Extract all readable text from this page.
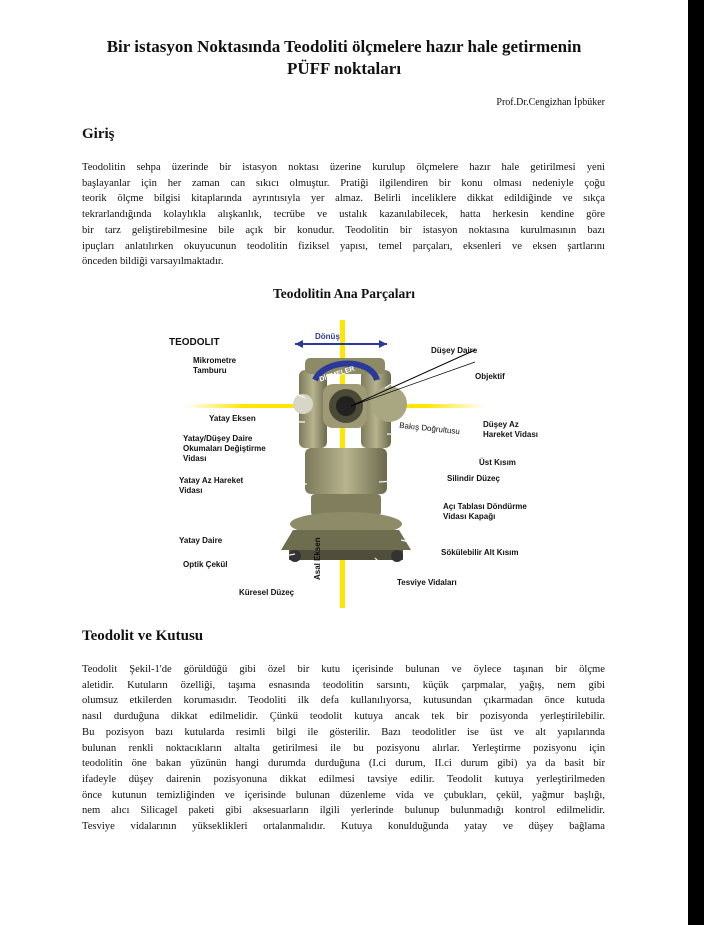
Bir istasyon Noktasında Teodoliti ölçmelere hazır hale getirmenin
PÜFF noktaları
Prof.Dr.Cengizhan İpbüker
Giriş
Teodolitin sehpa üzerinde bir istasyon noktası üzerine kurulup ölçmelere hazır hale getirilmesi yeni
başlayanlar için her zaman can sıkıcı olmuştur. Pratiği ilgilendiren bir konu olması nedeniyle çoğu
teorik ölçme bilgisi kitaplarında ayrıntısıyla yer almaz. Belirli inceliklere dikkat edildiğinde ve sıkça
tekrarlandığında kolaylıkla alışkanlık, tecrübe ve ustalık kazanılabilecek, hatta herkesin kendine göre
bir tarz geliştirebilmesine bile açık bir konudur. Teodolitin bir istasyon noktasına kurulmasının bazı
ipuçları anlatılırken okuyucunun teodolitin fiziksel yapısı, temel parçaları, eksenleri ve eksen şartlarını
önceden bildiği varsayılmaktadır.
Teodolitin Ana Parçaları
TEODOLIT
Dönüş
DİKMELER
Mikrometre
Tamburu
Düşey Daire
Objektif
Yatay Eksen
Bakış Doğrultusu	Düşey Az
Hareket Vidası
Yatay/Düşey Daire
Okumaları Değiştirme
Vidası	Üst Kısım
Silindir Düzeç
Yatay Az Hareket
Vidası
Açı Tablası Döndürme
Vidası Kapağı
Yatay Daire
Sökülebilir Alt Kısım
Optik Çekül
Tesviye Vidaları
Küresel Düzeç
Asal Eksen
Teodolit ve Kutusu
Teodolit Şekil-1'de görüldüğü gibi özel bir kutu içerisinde bulunan ve öylece taşınan bir ölçme
aletidir. Kutuların özelliği, taşıma esnasında teodolitin sarsıntı, küçük çarpmalar, yağış, nem gibi
olumsuz etkilerden korumasıdır. Teodoliti ilk defa kullanılıyorsa, kutusundan çıkarmadan önce kutuda
nasıl durduğuna dikkat edilmelidir. Çünkü teodolit kutuya ancak tek bir pozisyonda yerleştirilebilir.
Bu pozisyon bazı kutularda resimli bilgi ile gösterilir. Bazı teodolitler ise üst ve alt yapılarında
bulunan renkli noktacıkların altalta getirilmesi ile bu pozisyonu alırlar. Yerleştirme pozisyonu için
teodolitin öne bakan yüzünün hangi durumda durduğuna (I.ci durum, II.ci durum gibi) ya da basit bir
ifadeyle düşey dairenin pozisyonuna dikkat edilmesi tavsiye edilir. Teodolit kutuya yerleştirilmeden
önce kutunun temizliğinden ve içerisinde bulunan düzenleme vida ve çubukları, çekül, yağmur başlığı,
nem alıcı Silicagel paketi gibi aksesuarların ilgili yerlerinde bulunup bulunmadığı kontrol edilmelidir.
Tesviye vidalarının yükseklikleri ortalanmalıdır. Kutuya konulduğunda yatay ve düşey bağlama
